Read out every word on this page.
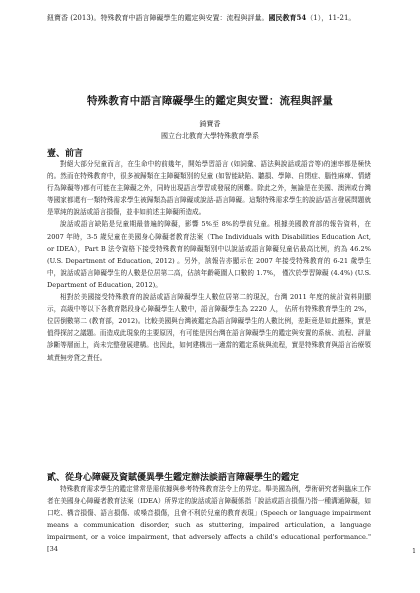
鈕寶香 (2013)。特殊教育中語言障礙學生的鑑定與安置：流程與評量。國民教育54（1），11-21。
特殊教育中語言障礙學生的鑑定與安置：流程與評量
錡寶香
國立台北教育大學特殊教育學系
壹、前言

對絕大部分兒童而言，在生命中的前幾年，開始學習語言 (如詞彙、語法與說話或語音等)的速率都是極快的。然而在特殊教育中，很多被歸類在主障礙類別的兒童 (如智能缺陷、聽損、學障、自閉症、腦性麻痺、情緒行為障礙等)都有可能在主障礙之外，同時出現語言學習或發展的困難。除此之外，無論是在美國、澳洲或台灣等國家都還有一類特殊需求學生被歸類為語言障礙或說話-語言障礙。這類特殊需求學生的說話/語言發展問題就是單純的說話或語言損傷，並非如前述主障礙所造成。

說話或語言缺陷是兒童期最普遍的障礙，影響 5%至 8%的學前兒童。根據美國教育部的報告資料，在 2007 年時，3-5 歲兒童在美國身心障礙者教育法案（The Individuals with Disabilities Education Act, or IDEA），Part B 法令資格下接受特殊教育的障礙類別中以說話或語言障礙兒童佔最高比例，約為 46.2% (U.S. Department of Education, 2012) 。另外，該報告亦顯示在 2007 年接受特殊教育的 6-21 歲學生中，說話或語言障礙學生的人數是位居第二高，佔該年齡範圍人口數的 1.7%， 僅次於學習障礙 (4.4%) (U.S. Department of Education, 2012)。

相對於美國接受特殊教育的說話或語言障礙學生人數位居第二的現況，台灣 2011 年度的統計資料則顯示，高級中等以下各教育階段身心障礙學生人數中，語言障礙學生為 2220 人， 佔所有特殊教育學生的 2%，位居倒數第二 (教育部，2012)。比較美國與台灣被鑑定為語言障礙學生的人數比例，差距竟是如此懸殊，實是值得探討之議題。而造成此現象的主要原因，有可能是因台灣在語言障礙學生的鑑定與安置的系統、流程、評量診斷等層面上，尚未完整發展建構。也因此，如何建構出一適當的鑑定系統與流程，實是特殊教育與語言治療領域責無旁貸之責任。

貳、從身心障礙及資賦優異學生鑑定辦法談語言障礙學生的鑑定

特殊教育需求學生的鑑定常常是需依據與參考特殊教育法令上的界定。舉美國為例，學術研究者與臨床工作者在美國身心障礙者教育法案（IDEA）所界定的說話或語言障礙係指「說話或語言損傷乃指一種溝通障礙，如口吃、構音損傷、語言損傷、或嗓音損傷，且會不利於兒童的教育表現」(Speech or language impairment means a communication disorder, such as stuttering, impaired articulation, a language impairment, or a voice impairment, that adversely affects a child's educational performance." [34	1
